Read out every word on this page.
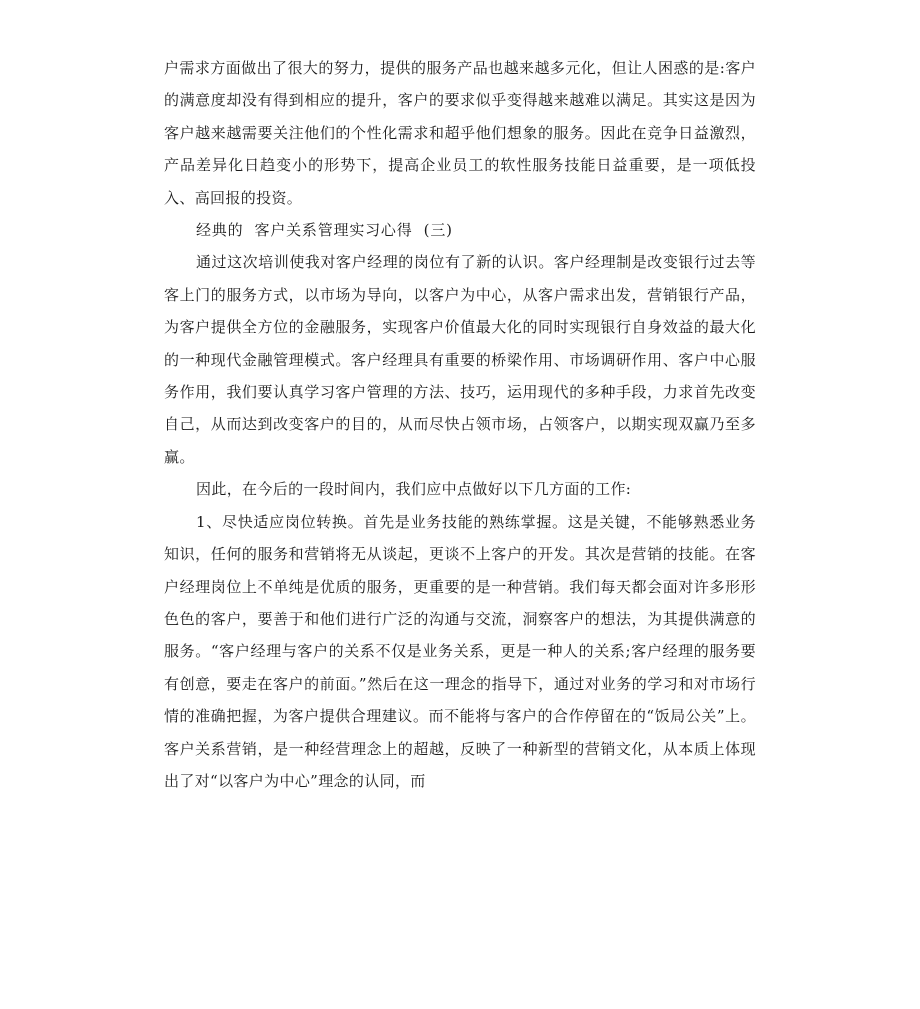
户需求方面做出了很大的努力，提供的服务产品也越来越多元化，但让人困惑的是:客户的满意度却没有得到相应的提升，客户的要求似乎变得越来越难以满足。其实这是因为客户越来越需要关注他们的个性化需求和超乎他们想象的服务。因此在竞争日益激烈，产品差异化日趋变小的形势下，提高企业员工的软性服务技能日益重要，是一项低投入、高回报的投资。

经典的  客户关系管理实习心得  (三)

通过这次培训使我对客户经理的岗位有了新的认识。客户经理制是改变银行过去等客上门的服务方式，以市场为导向，以客户为中心，从客户需求出发，营销银行产品，为客户提供全方位的金融服务，实现客户价值最大化的同时实现银行自身效益的最大化的一种现代金融管理模式。客户经理具有重要的桥梁作用、市场调研作用、客户中心服务作用，我们要认真学习客户管理的方法、技巧，运用现代的多种手段，力求首先改变自己，从而达到改变客户的目的，从而尽快占领市场，占领客户，以期实现双赢乃至多赢。

因此，在今后的一段时间内，我们应中点做好以下几方面的工作:

1、尽快适应岗位转换。首先是业务技能的熟练掌握。这是关键，不能够熟悉业务知识，任何的服务和营销将无从谈起，更谈不上客户的开发。其次是营销的技能。在客户经理岗位上不单纯是优质的服务，更重要的是一种营销。我们每天都会面对许多形形色色的客户，要善于和他们进行广泛的沟通与交流，洞察客户的想法，为其提供满意的服务。“客户经理与客户的关系不仅是业务关系，更是一种人的关系;客户经理的服务要有创意，要走在客户的前面。”然后在这一理念的指导下，通过对业务的学习和对市场行情的准确把握，为客户提供合理建议。而不能将与客户的合作停留在的“饭局公关”上。客户关系营销，是一种经营理念上的超越，反映了一种新型的营销文化，从本质上体现出了对“以客户为中心”理念的认同，而
